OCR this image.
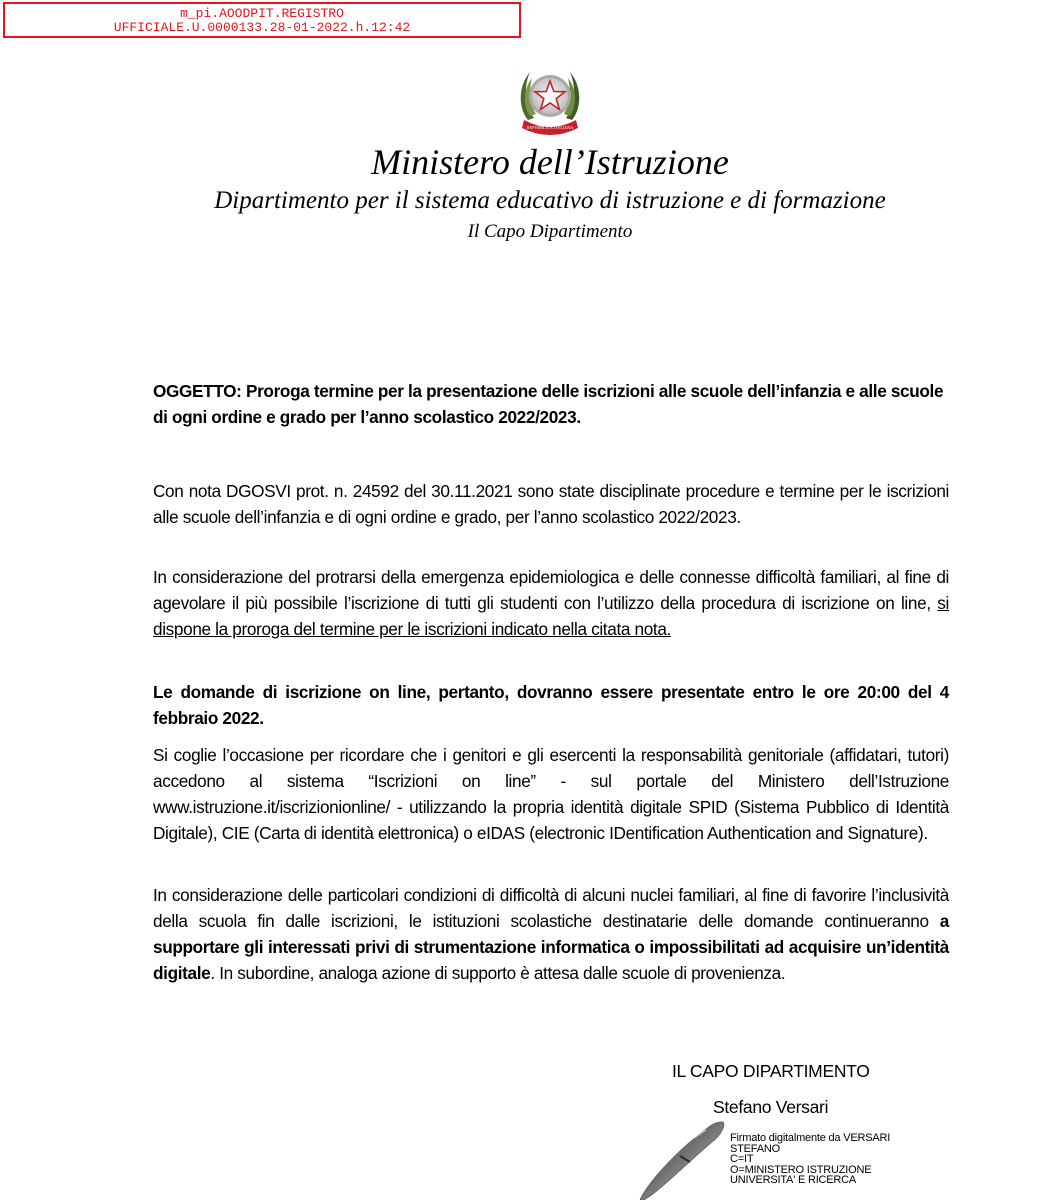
m_pi.AOODPIT.REGISTRO
UFFICIALE.U.0000133.28-01-2022.h.12:42
REPVBBLICA ITALIANA
Ministero dell’Istruzione
Dipartimento per il sistema educativo di istruzione e di formazione
Il Capo Dipartimento
OGGETTO: Proroga termine per la presentazione delle iscrizioni alle scuole dell’infanzia e alle scuole di ogni ordine e grado per l’anno scolastico 2022/2023.

Con nota DGOSVI prot. n. 24592 del 30.11.2021 sono state disciplinate procedure e termine per le iscrizioni alle scuole dell’infanzia e di ogni ordine e grado, per l’anno scolastico 2022/2023.

In considerazione del protrarsi della emergenza epidemiologica e delle connesse difficoltà familiari, al fine di agevolare il più possibile l’iscrizione di tutti gli studenti con l’utilizzo della procedura di iscrizione on line, si dispone la proroga del termine per le iscrizioni indicato nella citata nota.

Le domande di iscrizione on line, pertanto, dovranno essere presentate entro le ore 20:00 del 4 febbraio 2022.

Si coglie l’occasione per ricordare che i genitori e gli esercenti la responsabilità genitoriale (affidatari, tutori) accedono al sistema “Iscrizioni on line” - sul portale del Ministero dell’Istruzione www.istruzione.it/iscrizionionline/ - utilizzando la propria identità digitale SPID (Sistema Pubblico di Identità Digitale), CIE (Carta di identità elettronica) o eIDAS (electronic IDentification Authentication and Signature).

In considerazione delle particolari condizioni di difficoltà di alcuni nuclei familiari, al fine di favorire l’inclusività della scuola fin dalle iscrizioni, le istituzioni scolastiche destinatarie delle domande continueranno a supportare gli interessati privi di strumentazione informatica o impossibilitati ad acquisire un’identità digitale. In subordine, analoga azione di supporto è attesa dalle scuole di provenienza.

IL CAPO DIPARTIMENTO
Stefano Versari
Firmato digitalmente da VERSARI
STEFANO
C=IT
O=MINISTERO ISTRUZIONE
UNIVERSITA' E RICERCA
